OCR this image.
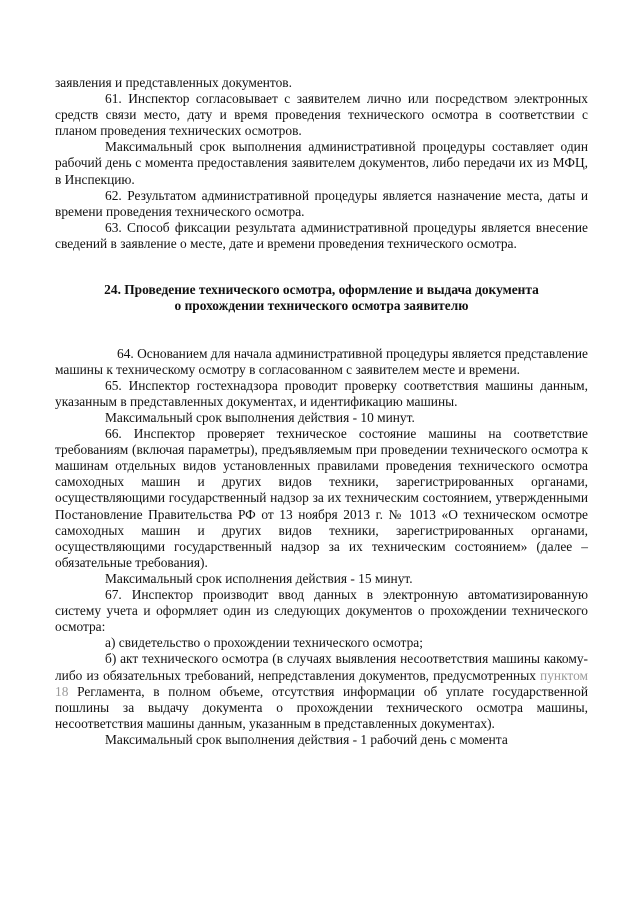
заявления и представленных документов.

61. Инспектор согласовывает с заявителем лично или посредством электронных средств связи место, дату и время проведения технического осмотра в соответствии с планом проведения технических осмотров.

Максимальный срок выполнения административной процедуры составляет один рабочий день с момента предоставления заявителем документов, либо передачи их из МФЦ, в Инспекцию.

62. Результатом административной процедуры является назначение места, даты и времени проведения технического осмотра.

63. Способ фиксации результата административной процедуры является внесение сведений в заявление о месте, дате и времени проведения технического осмотра.

24. Проведение технического осмотра, оформление и выдача документа
о прохождении технического осмотра заявителю

64. Основанием для начала административной процедуры является представление машины к техническому осмотру в согласованном с заявителем месте и времени.

65. Инспектор гостехнадзора проводит проверку соответствия машины данным, указанным в представленных документах, и идентификацию машины.

Максимальный срок выполнения действия - 10 минут.

66. Инспектор проверяет техническое состояние машины на соответствие требованиям (включая параметры), предъявляемым при проведении технического осмотра к машинам отдельных видов установленных правилами проведения технического осмотра самоходных машин и других видов техники, зарегистрированных органами, осуществляющими государственный надзор за их техническим состоянием, утвержденными Постановление Правительства РФ от 13 ноября 2013 г. № 1013 «О техническом осмотре самоходных машин и других видов техники, зарегистрированных органами, осуществляющими государственный надзор за их техническим состоянием» (далее – обязательные требования).

Максимальный срок исполнения действия - 15 минут.

67. Инспектор производит ввод данных в электронную автоматизированную систему учета и оформляет один из следующих документов о прохождении технического осмотра:

а) свидетельство о прохождении технического осмотра;

б) акт технического осмотра (в случаях выявления несоответствия машины какому-либо из обязательных требований, непредставления документов, предусмотренных пунктом 18 Регламента, в полном объеме, отсутствия информации об уплате государственной пошлины за выдачу документа о прохождении технического осмотра машины, несоответствия машины данным, указанным в представленных документах).

Максимальный срок выполнения действия - 1 рабочий день с момента
